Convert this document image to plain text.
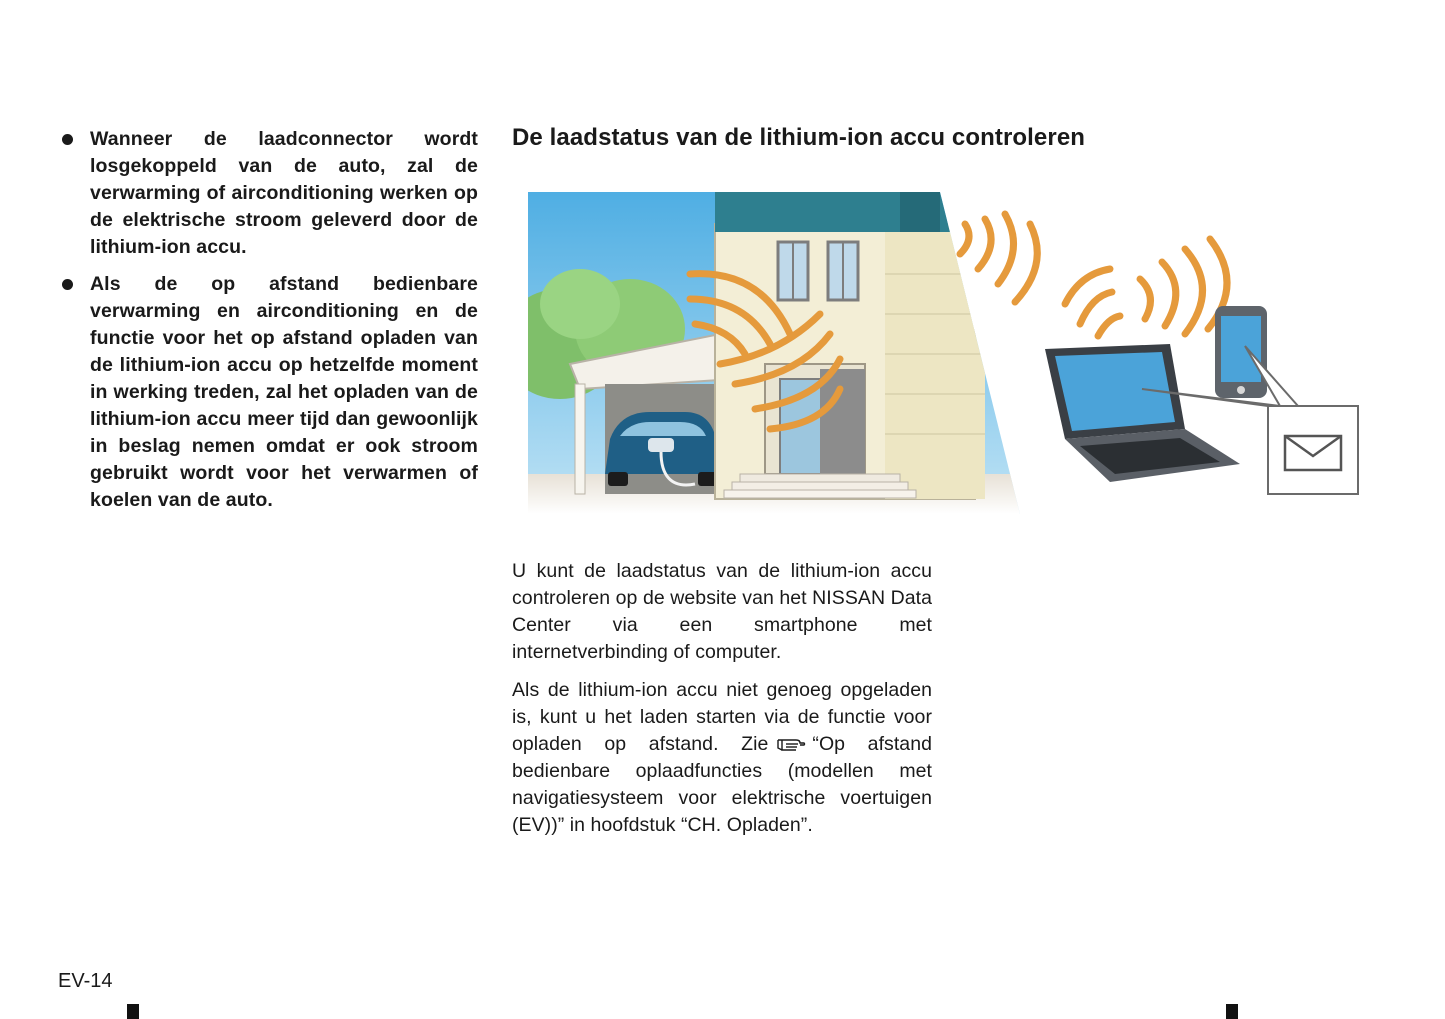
Wanneer de laadconnector wordt losgekoppeld van de auto, zal de verwarming of airconditioning werken op de elektrische stroom geleverd door de lithium-ion accu.
Als de op afstand bedienbare verwarming en airconditioning en de functie voor het op afstand opladen van de lithium-ion accu op hetzelfde moment in werking treden, zal het opladen van de lithium-ion accu meer tijd dan gewoonlijk in beslag nemen omdat er ook stroom gebruikt wordt voor het verwarmen of koelen van de auto.
De laadstatus van de lithium-ion accu controleren

U kunt de laadstatus van de lithium-ion accu controleren op de website van het NISSAN Data Center via een smartphone met internetverbinding of computer.

Als de lithium-ion accu niet genoeg opgeladen is, kunt u het laden starten via de functie voor opladen op afstand. Zie “Op afstand bedienbare oplaadfuncties (modellen met navigatiesysteem voor elektrische voertuigen (EV))” in hoofdstuk “CH. Opladen”.

EV-14
